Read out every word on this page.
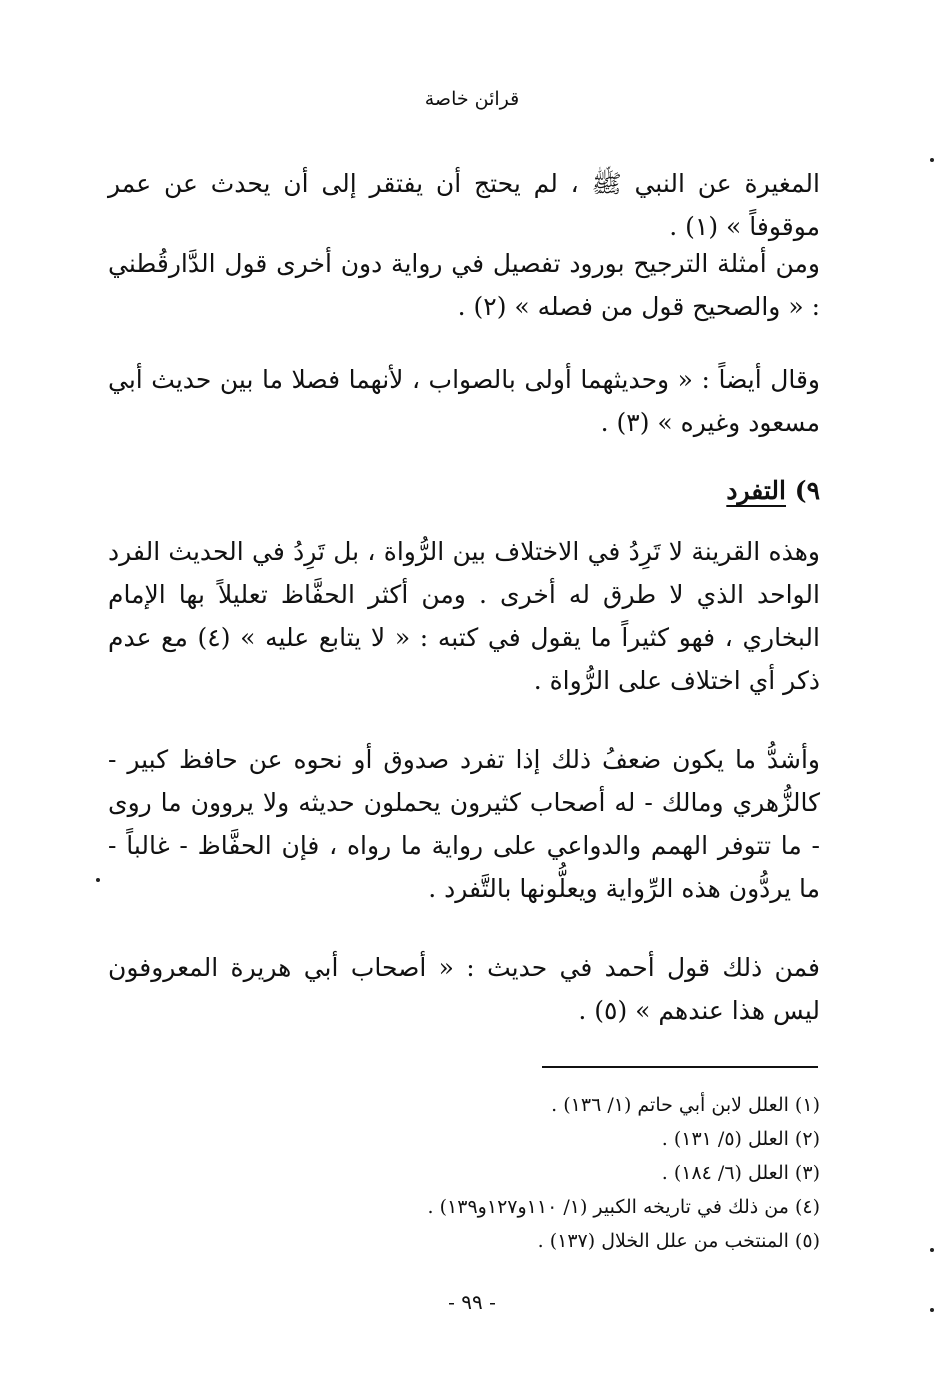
قرائن خاصة

المغيرة عن النبي ﷺ ، لم يحتج أن يفتقر إلى أن يحدث عن عمر موقوفاً » (١) .

ومن أمثلة الترجيح بورود تفصيل في رواية دون أخرى قول الدَّارقُطني : « والصحيح قول من فصله » (٢) .

وقال أيضاً : « وحديثهما أولى بالصواب ، لأنهما فصلا ما بين حديث أبي مسعود وغيره » (٣) .

٩) التفرد

وهذه القرينة لا تَرِدُ في الاختلاف بين الرُّواة ، بل تَرِدُ في الحديث الفرد الواحد الذي لا طرق له أخرى . ومن أكثر الحفَّاظ تعليلاً بها الإمام البخاري ، فهو كثيراً ما يقول في كتبه : « لا يتابع عليه » (٤) مع عدم ذكر أي اختلاف على الرُّواة .

وأشدُّ ما يكون ضعفُ ذلك إذا تفرد صدوق أو نحوه عن حافظ كبير - كالزُّهري ومالك - له أصحاب كثيرون يحملون حديثه ولا يروون ما روى - ما تتوفر الهمم والدواعي على رواية ما رواه ، فإن الحفَّاظ - غالباً - ما يردُّون هذه الرِّواية ويعلُّونها بالتَّفرد .

فمن ذلك قول أحمد في حديث : « أصحاب أبي هريرة المعروفون ليس هذا عندهم » (٥) .

(١) العلل لابن أبي حاتم (١/ ١٣٦) .
(٢) العلل (٥/ ١٣١) .
(٣) العلل (٦/ ١٨٤) .
(٤) من ذلك في تاريخه الكبير (١/ ١١٠و١٢٧و١٣٩) .
(٥) المنتخب من علل الخلال (١٣٧) .
- ٩٩ -
